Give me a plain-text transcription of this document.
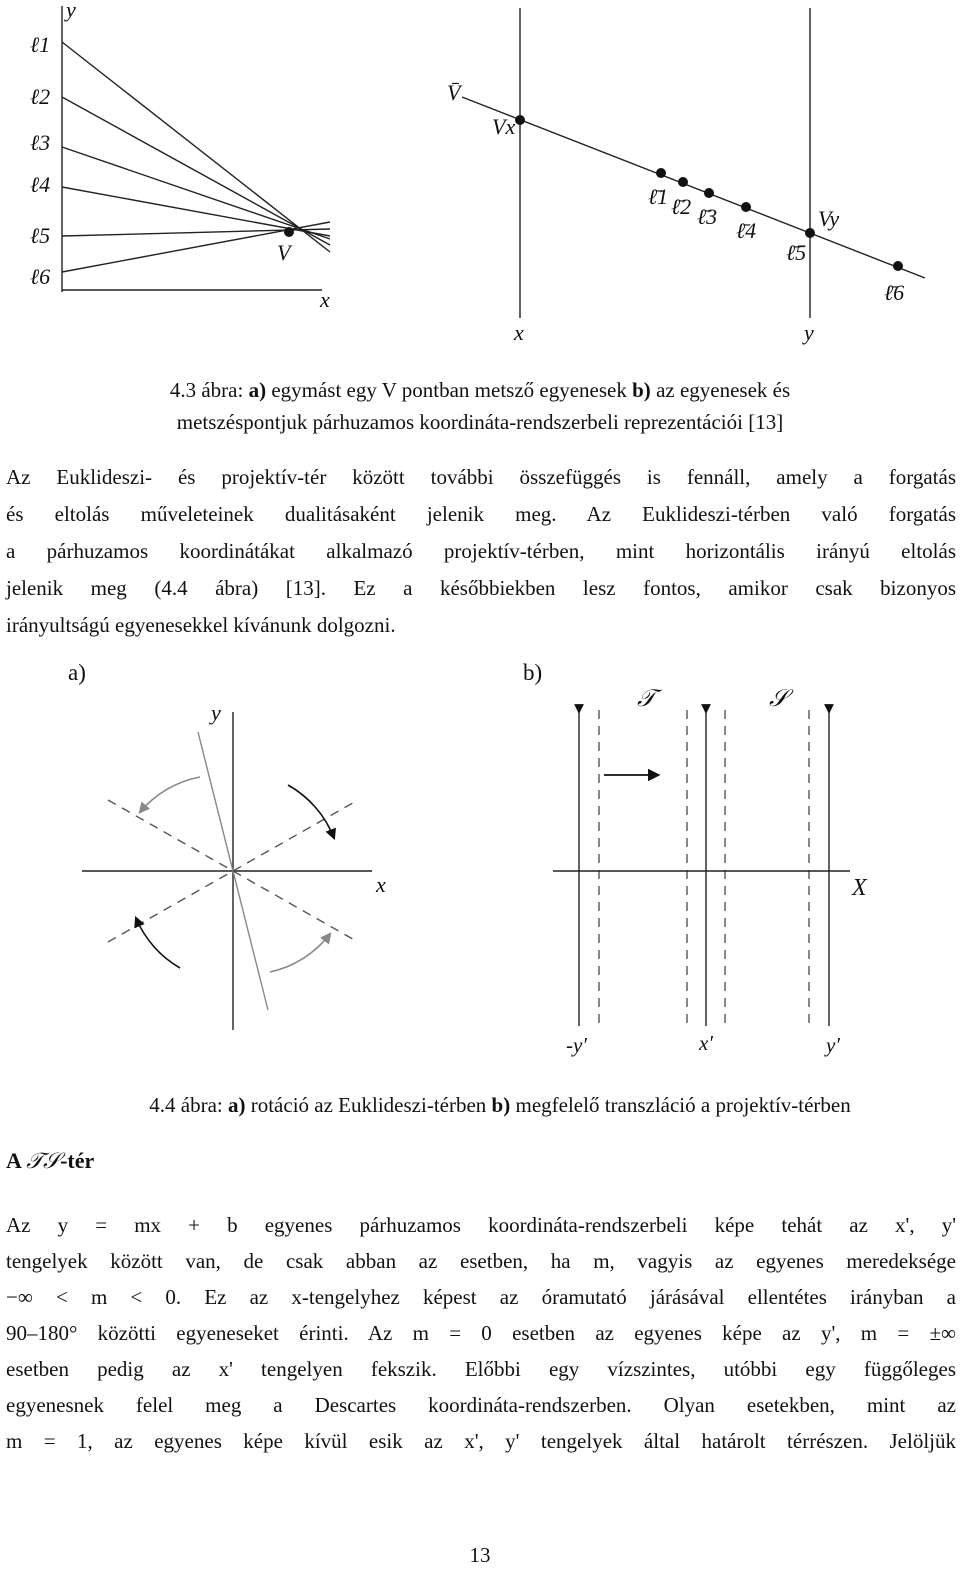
y
x
V
ℓ1
ℓ2
ℓ3
ℓ4
ℓ5
ℓ6
V̄
Vx
Vy
ℓ̄1 ℓ̄2 ℓ̄3
ℓ̄4
ℓ̄5
ℓ̄6
x	y
4.3 ábra: a) egymást egy V pontban metsző egyenesek b) az egyenesek és
metszéspontjuk párhuzamos koordináta-rendszerbeli reprezentációi [13]
Az Euklideszi- és projektív-tér között további összefüggés is fennáll, amely a forgatás
és eltolás műveleteinek dualitásaként jelenik meg. Az Euklideszi-térben való forgatás
a párhuzamos koordinátákat alkalmazó projektív-térben, mint horizontális irányú eltolás
jelenik meg (4.4 ábra) [13]. Ez a későbbiekben lesz fontos, amikor csak bizonyos
irányultságú egyenesekkel kívánunk dolgozni.
a)	b)
y
x
𝒯	𝒮
X
-y′	x′	y′
4.4 ábra: a) rotáció az Euklideszi-térben b) megfelelő transzláció a projektív-térben
A 𝒯𝒮-tér
Az y = mx + b egyenes párhuzamos koordináta-rendszerbeli képe tehát az x', y'
tengelyek között van, de csak abban az esetben, ha m, vagyis az egyenes meredeksége
−∞ < m < 0. Ez az x-tengelyhez képest az óramutató járásával ellentétes irányban a
90–180° közötti egyeneseket érinti. Az m = 0 esetben az egyenes képe az y', m = ±∞
esetben pedig az x' tengelyen fekszik. Előbbi egy vízszintes, utóbbi egy függőleges
egyenesnek felel meg a Descartes koordináta-rendszerben. Olyan esetekben, mint az
m = 1, az egyenes képe kívül esik az x', y' tengelyek által határolt térrészen. Jelöljük
13
